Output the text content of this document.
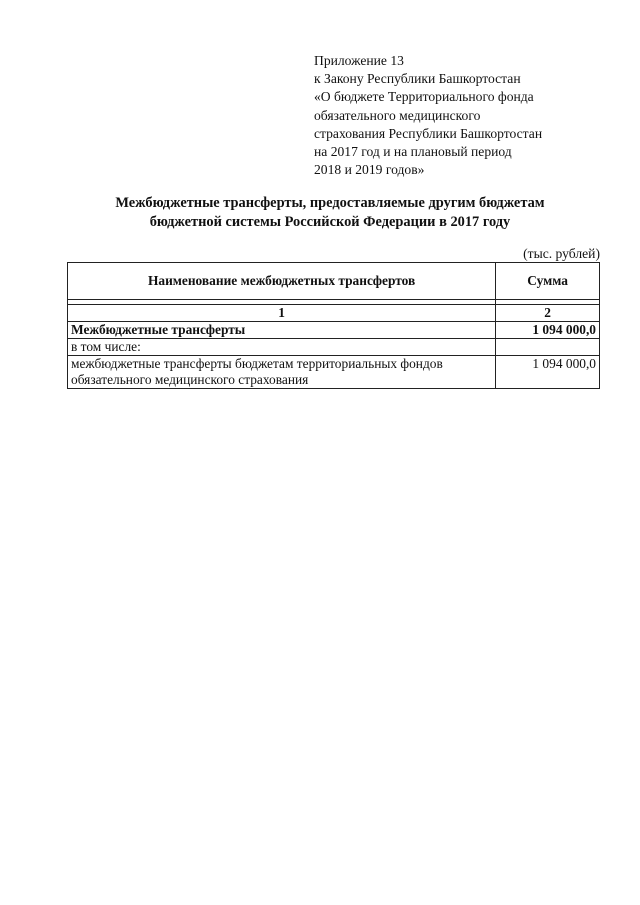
Приложение 13
к Закону Республики Башкортостан
«О бюджете Территориального фонда
обязательного медицинского
страхования Республики Башкортостан
на 2017 год и на плановый период
2018 и 2019 годов»
Межбюджетные трансферты, предоставляемые другим бюджетам
бюджетной системы Российской Федерации в 2017 году
(тыс. рублей)
Наименование межбюджетных трансфертов	Сумма

1	2
Межбюджетные трансферты	1 094 000,0
в том числе:	
межбюджетные трансферты бюджетам территориальных фондов обязательного медицинского страхования	1 094 000,0
